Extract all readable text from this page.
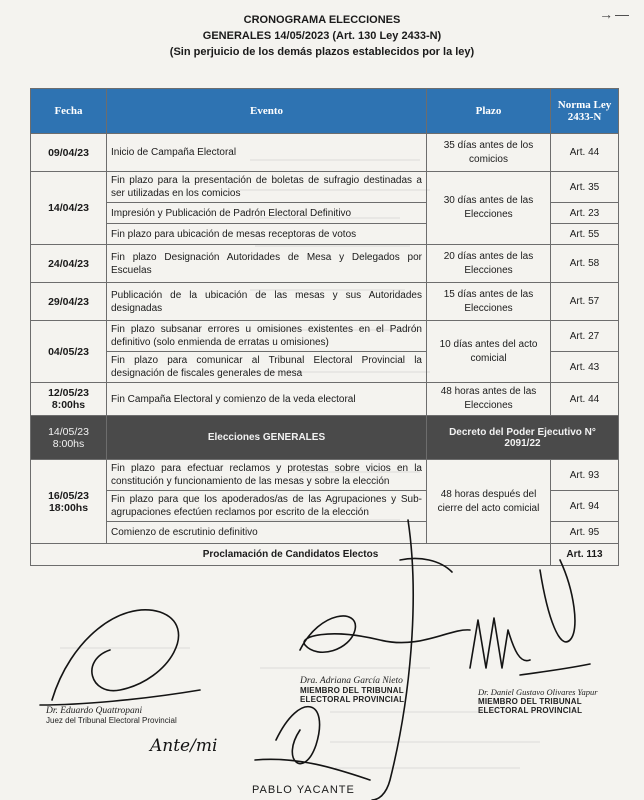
→ —
CRONOGRAMA ELECCIONES
GENERALES 14/05/2023 (Art. 130 Ley 2433-N)
(Sin perjuicio de los demás plazos establecidos por la ley)
Fecha	Evento	Plazo	Norma Ley 2433-N
09/04/23	Inicio de Campaña Electoral	35 días antes de los comicios	Art. 44
14/04/23	Fin plazo para la presentación de boletas de sufragio destinadas a ser utilizadas en los comicios	30 días antes de las Elecciones	Art. 35
	Impresión y Publicación de Padrón Electoral Definitivo		Art. 23
	Fin plazo para ubicación de mesas receptoras de votos		Art. 55
24/04/23	Fin plazo Designación Autoridades de Mesa y Delegados por Escuelas	20 días antes de las Elecciones	Art. 58
29/04/23	Publicación de la ubicación de las mesas y sus Autoridades designadas	15 días antes de las Elecciones	Art. 57
04/05/23	Fin plazo subsanar errores u omisiones existentes en el Padrón definitivo (solo enmienda de erratas u omisiones)	10 días antes del acto comicial	Art. 27
	Fin plazo para comunicar al Tribunal Electoral Provincial la designación de fiscales generales de mesa		Art. 43
12/05/23 8:00hs	Fin Campaña Electoral y comienzo de la veda electoral	48 horas antes de las Elecciones	Art. 44
14/05/23 8:00hs	Elecciones GENERALES	Decreto del Poder Ejecutivo N° 2091/22	
16/05/23 18:00hs	Fin plazo para efectuar reclamos y protestas sobre vicios en la constitución y funcionamiento de las mesas y sobre la elección	48 horas después del cierre del acto comicial	Art. 93
	Fin plazo para que los apoderados/as de las Agrupaciones y Sub-agrupaciones efectúen reclamos por escrito de la elección		Art. 94
	Comienzo de escrutinio definitivo		Art. 95
Proclamación de Candidatos Electos			Art. 113
Dr. Eduardo Quattropani
Juez del Tribunal Electoral Provincial
Dra. Adriana García Nieto
MIEMBRO DEL TRIBUNAL
ELECTORAL PROVINCIAL
Dr. Daniel Gustavo Olivares Yapur
MIEMBRO DEL TRIBUNAL
ELECTORAL PROVINCIAL
Ante/mi
PABLO YACANTE
